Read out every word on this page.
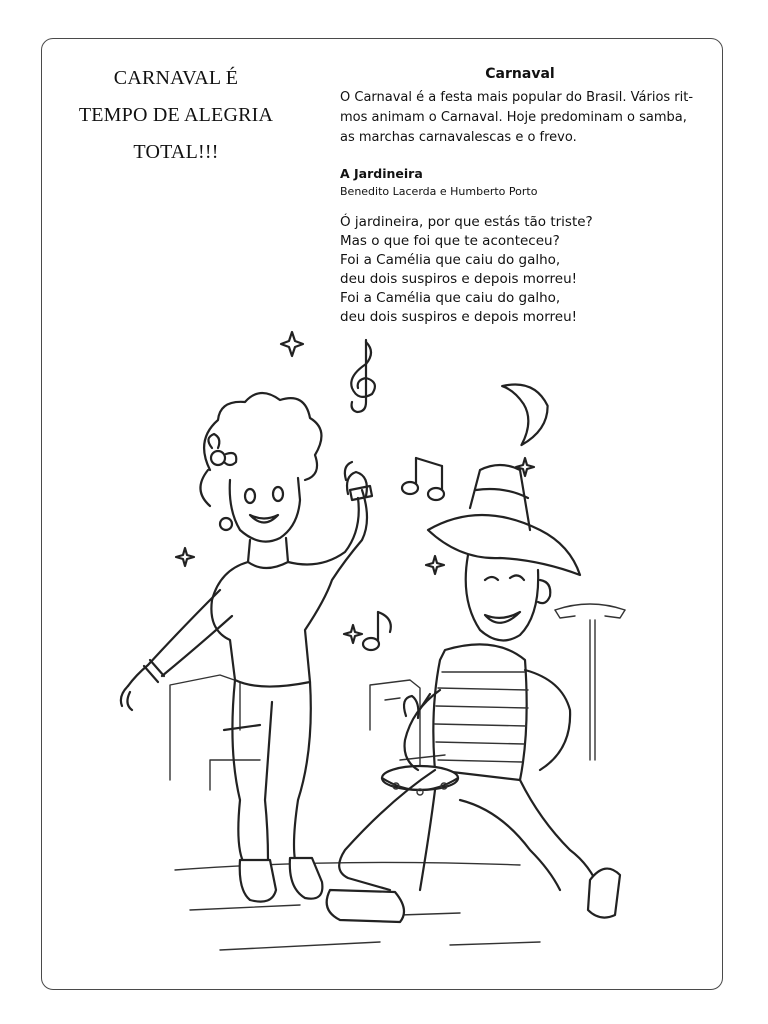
CARNAVAL É
TEMPO DE ALEGRIA
TOTAL!!!
Carnaval
O Carnaval é a festa mais popular do Brasil. Vários rit-
mos animam o Carnaval. Hoje predominam o samba,
as marchas carnavalescas e o frevo.
A Jardineira
Benedito Lacerda e Humberto Porto
Ó jardineira, por que estás tão triste?
Mas o que foi que te aconteceu?
Foi a Camélia que caiu do galho,
deu dois suspiros e depois morreu!
Foi a Camélia que caiu do galho,
deu dois suspiros e depois morreu!
